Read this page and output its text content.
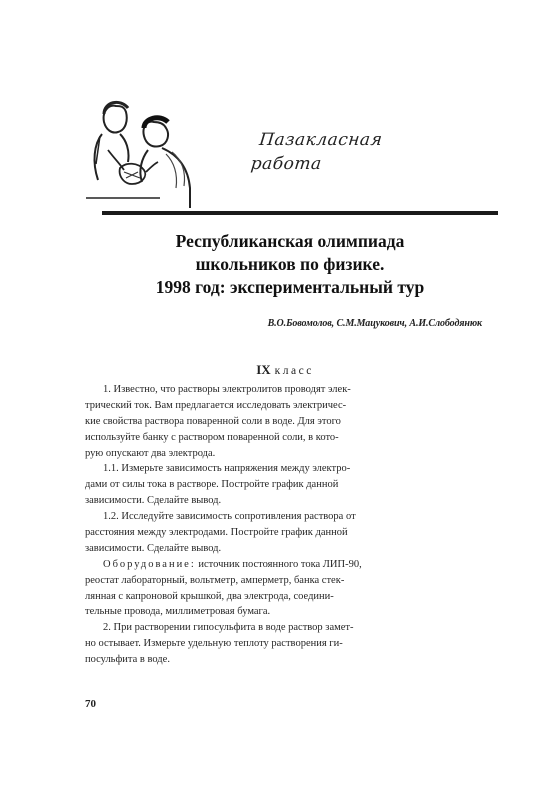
Пазакласная
работа
Республиканская олимпиада
школьников по физике.
1998 год: экспериментальный тур
В.О.Бовомолов, С.М.Мацукович, А.И.Слободянюк
IX класс
1. Известно, что растворы электролитов проводят элек-
трический ток. Вам предлагается исследовать электричес-
кие свойства раствора поваренной соли в воде. Для этого
используйте банку с раствором поваренной соли, в кото-
рую опускают два электрода.
1.1. Измерьте зависимость напряжения между электро-
дами от силы тока в растворе. Постройте график данной
зависимости. Сделайте вывод.
1.2. Исследуйте зависимость сопротивления раствора от
расстояния между электродами. Постройте график данной
зависимости. Сделайте вывод.
Оборудование: источник постоянного тока ЛИП-90,
реостат лабораторный, вольтметр, амперметр, банка стек-
лянная с капроновой крышкой, два электрода, соедини-
тельные провода, миллиметровая бумага.
2. При растворении гипосульфита в воде раствор замет-
но остывает. Измерьте удельную теплоту растворения ги-
посульфита в воде.
70
